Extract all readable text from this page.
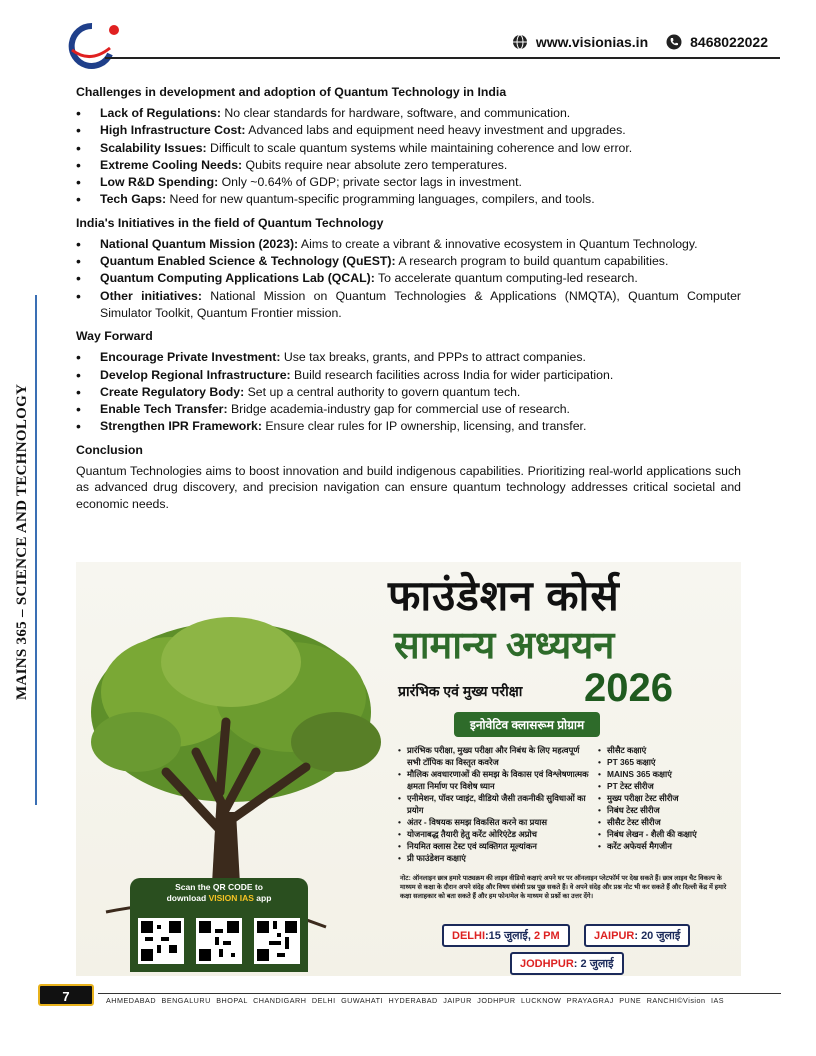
www.visionias.in	8468022022
MAINS 365 – SCIENCE AND TECHNOLOGY
Challenges in development and adoption of Quantum Technology in India
• Lack of Regulations: No clear standards for hardware, software, and communication.
• High Infrastructure Cost: Advanced labs and equipment need heavy investment and upgrades.
• Scalability Issues: Difficult to scale quantum systems while maintaining coherence and low error.
• Extreme Cooling Needs: Qubits require near absolute zero temperatures.
• Low R&D Spending: Only ~0.64% of GDP; private sector lags in investment.
• Tech Gaps: Need for new quantum-specific programming languages, compilers, and tools.
India's Initiatives in the field of Quantum Technology
• National Quantum Mission (2023): Aims to create a vibrant & innovative ecosystem in Quantum Technology.
• Quantum Enabled Science & Technology (QuEST): A research program to build quantum capabilities.
• Quantum Computing Applications Lab (QCAL): To accelerate quantum computing-led research.
• Other initiatives: National Mission on Quantum Technologies & Applications (NMQTA), Quantum Computer Simulator Toolkit, Quantum Frontier mission.
Way Forward
• Encourage Private Investment: Use tax breaks, grants, and PPPs to attract companies.
• Develop Regional Infrastructure: Build research facilities across India for wider participation.
• Create Regulatory Body: Set up a central authority to govern quantum tech.
• Enable Tech Transfer: Bridge academia-industry gap for commercial use of research.
• Strengthen IPR Framework: Ensure clear rules for IP ownership, licensing, and transfer.
Conclusion

Quantum Technologies aims to boost innovation and build indigenous capabilities. Prioritizing real-world applications such as advanced drug discovery, and precision navigation can ensure quantum technology addresses critical societal and economic needs.

फाउंडेशन कोर्स
सामान्य अध्ययन
प्रारंभिक एवं मुख्य परीक्षा 2026
इनोवेटिव क्लासरूम प्रोग्राम
• प्रारंभिक परीक्षा, मुख्य परीक्षा और निबंध के लिए महत्वपूर्ण सभी टॉपिक का विस्तृत कवरेज
• मौलिक अवधारणाओं की समझ के विकास एवं विश्लेषणात्मक क्षमता निर्माण पर विशेष ध्यान
• एनीमेशन, पॉवर प्वाइंट, वीडियो जैसी तकनीकी सुविधाओं का प्रयोग
• अंतर - विषयक समझ विकसित करने का प्रयास
• योजनाबद्ध तैयारी हेतु करेंट ओरिएंटेड अप्रोच
• नियमित क्लास टेस्ट एवं व्यक्तिगत मूल्यांकन
• प्री फाउंडेशन कक्षाएं
• सीसैट कक्षाएं
• PT 365 कक्षाएं
• MAINS 365 कक्षाएं
• PT टेस्ट सीरीज
• मुख्य परीक्षा टेस्ट सीरीज
• निबंध टेस्ट सीरीज
• सीसैट टेस्ट सीरीज
• निबंध लेखन - शैली की कक्षाएं
• करेंट अफेयर्स मैगजीन
नोट: ऑनलाइन छात्र हमारे पाठ्यक्रम की लाइव वीडियो कक्षाएं अपने घर पर ऑनलाइन प्लेटफॉर्म पर देख सकते हैं। छात्र लाइव चैट विकल्प के माध्यम से कक्षा के दौरान अपने संदेह और विषय संबंधी प्रश्न पूछ सकते हैं। वे अपने संदेह और प्रश्न नोट भी कर सकते हैं और दिल्ली केंद्र में हमारे कक्षा सलाहकार को बता सकते हैं और हम फोन/मेल के माध्यम से प्रश्नों का उत्तर देंगे।
DELHI:15 जुलाई, 2 PM	JAIPUR: 20 जुलाई
JODHPUR: 2 जुलाई
Scan the QR CODE to
download VISION IAS app
7	AHMEDABAD BENGALURU BHOPAL CHANDIGARH DELHI GUWAHATI HYDERABAD JAIPUR JODHPUR LUCKNOW PRAYAGRAJ PUNE RANCHI©Vision IAS
